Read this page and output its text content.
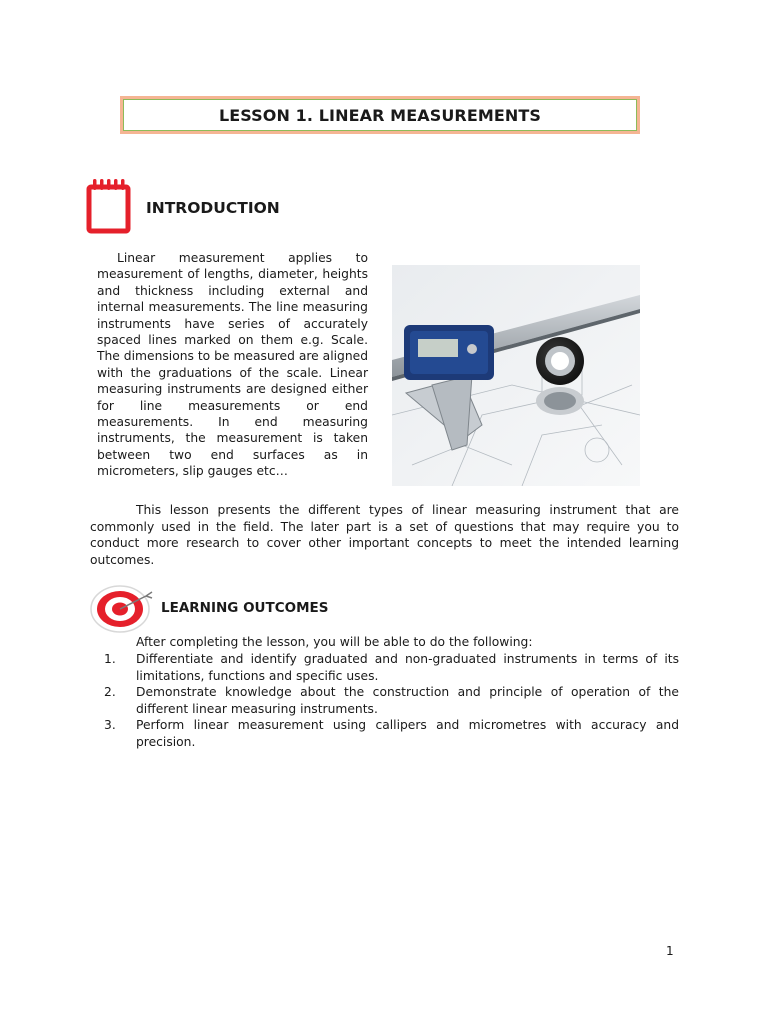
LESSON 1. LINEAR MEASUREMENTS
INTRODUCTION
Linear measurement applies to measurement of lengths, diameter, heights and thickness including external and internal measurements. The line measuring instruments have series of accurately spaced lines marked on them e.g. Scale. The dimensions to be measured are aligned with the graduations of the scale. Linear measuring instruments are designed either for line measurements or end measurements. In end measuring instruments, the measurement is taken between two end surfaces as in micrometers, slip gauges etc…
This lesson presents the different types of linear measuring instrument that are commonly used in the field. The later part is a set of questions that may require you to conduct more research to cover other important concepts to meet the intended learning outcomes.
LEARNING OUTCOMES
After completing the lesson, you will be able to do the following:
1.	Differentiate and identify graduated and non-graduated instruments in terms of its limitations, functions and specific uses.
2.	Demonstrate knowledge about the construction and principle of operation of the different linear measuring instruments.
3.	Perform linear measurement using callipers and micrometres with accuracy and precision.
1
